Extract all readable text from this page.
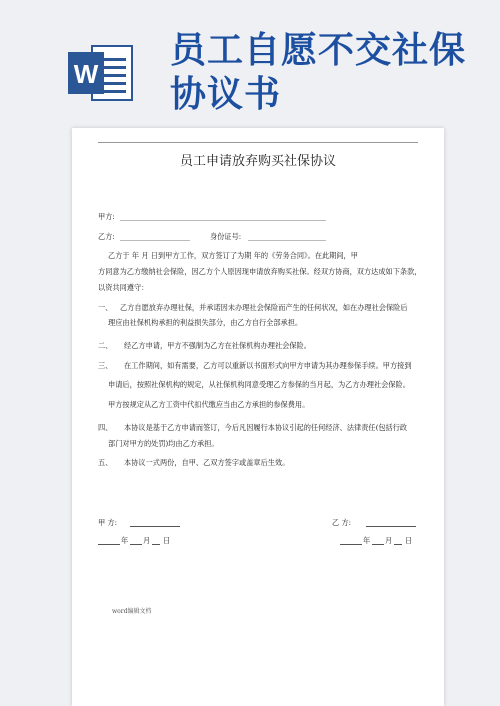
W
员工自愿不交社保
协议书
员工申请放弃购买社保协议
甲方:
乙方:	身份证号:
乙方于 年 月 日到甲方工作，双方签订了为期 年的《劳务合同》。在此期间，甲
方同意为乙方缴纳社会保险，因乙方个人原因现申请放弃购买社保。经双方协商，双方达成如下条款，
以资共同遵守：
一、 乙方自愿放弃办理社保，并承诺因未办理社会保险而产生的任何状况，如在办理社会保险后
理应由社保机构承担的利益损失部分，由乙方自行全部承担。
二、 经乙方申请，甲方不强制为乙方在社保机构办理社会保险。
三、 在工作期间，如有需要，乙方可以重新以书面形式向甲方申请为其办理参保手续。甲方接到
申请后，按照社保机构的规定，从社保机构同意受理乙方参保的当月起，为乙方办理社会保险。
甲方按规定从乙方工资中代扣代缴应当由乙方承担的参保费用。
四、 本协议是基于乙方申请而签订，今后凡因履行本协议引起的任何经济、法律责任(包括行政
部门对甲方的处罚)均由乙方承担。
五、 本协议一式两份，自甲、乙双方签字或盖章后生效。
甲 方:	乙 方:
年 月 日	年 月 日
word编辑文档
